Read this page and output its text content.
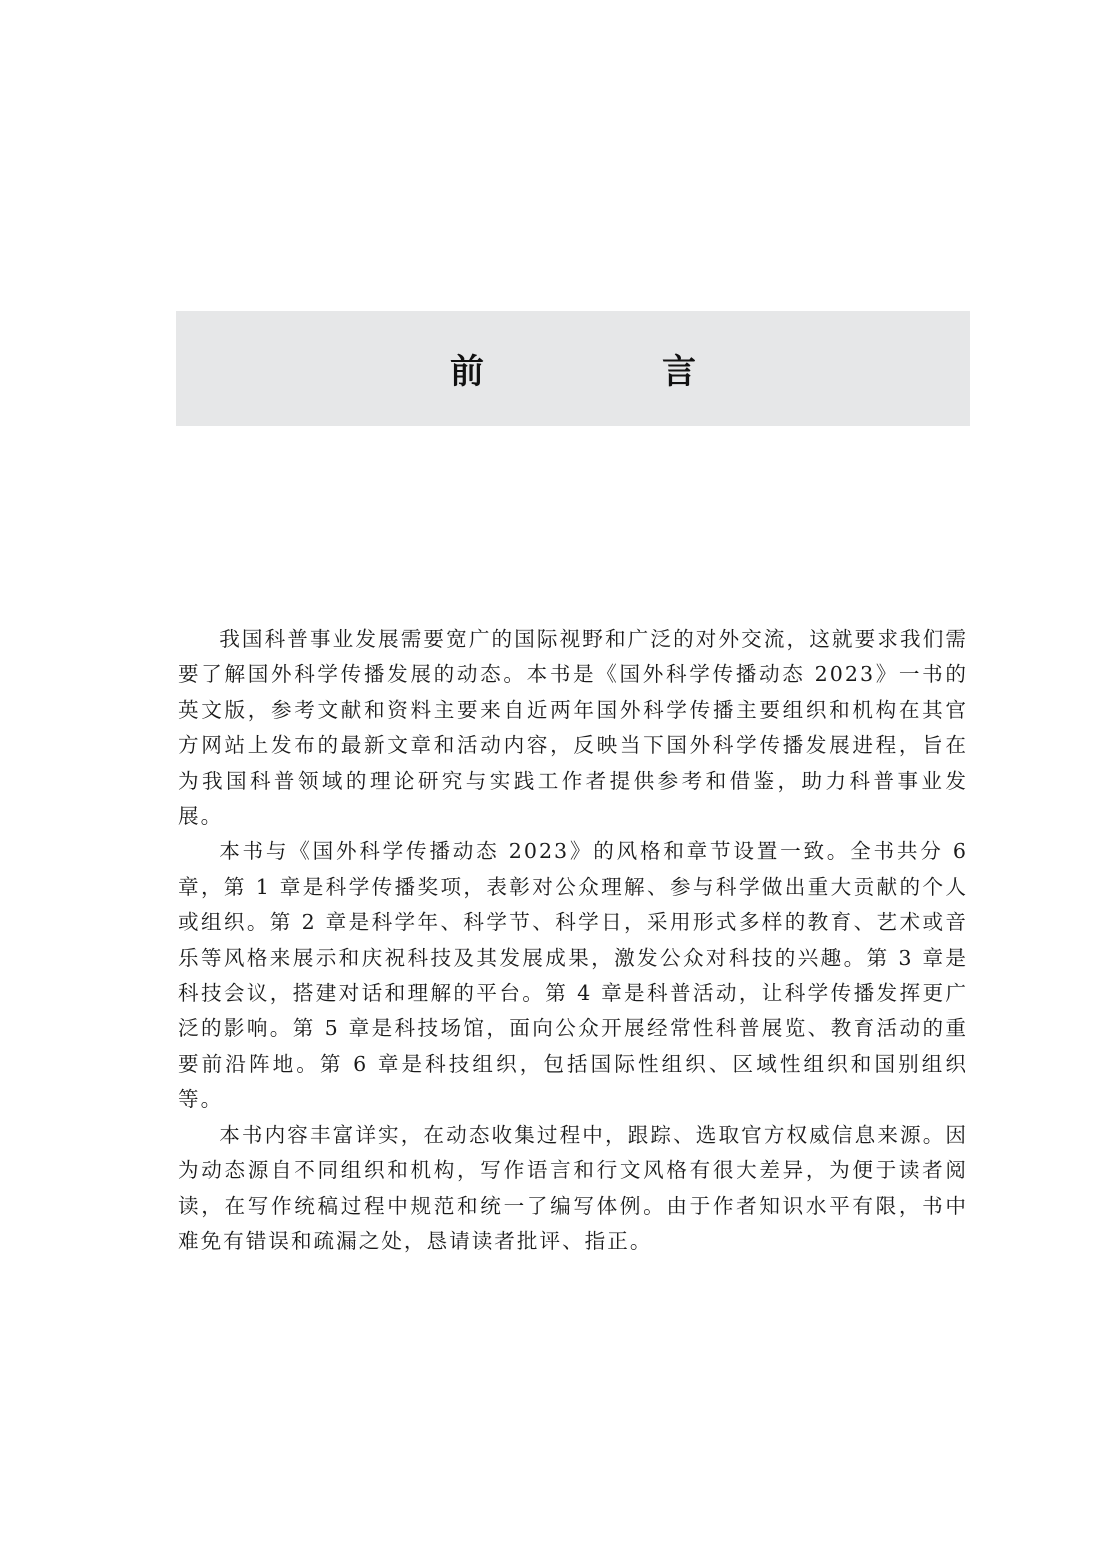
前　言

我国科普事业发展需要宽广的国际视野和广泛的对外交流，这就要求我们需要了解国外科学传播发展的动态。本书是《国外科学传播动态 2023》一书的英文版，参考文献和资料主要来自近两年国外科学传播主要组织和机构在其官方网站上发布的最新文章和活动内容，反映当下国外科学传播发展进程，旨在为我国科普领域的理论研究与实践工作者提供参考和借鉴，助力科普事业发展。

本书与《国外科学传播动态 2023》的风格和章节设置一致。全书共分 6 章，第 1 章是科学传播奖项，表彰对公众理解、参与科学做出重大贡献的个人或组织。第 2 章是科学年、科学节、科学日，采用形式多样的教育、艺术或音乐等风格来展示和庆祝科技及其发展成果，激发公众对科技的兴趣。第 3 章是科技会议，搭建对话和理解的平台。第 4 章是科普活动，让科学传播发挥更广泛的影响。第 5 章是科技场馆，面向公众开展经常性科普展览、教育活动的重要前沿阵地。第 6 章是科技组织，包括国际性组织、区域性组织和国别组织等。

本书内容丰富详实，在动态收集过程中，跟踪、选取官方权威信息来源。因为动态源自不同组织和机构，写作语言和行文风格有很大差异，为便于读者阅读，在写作统稿过程中规范和统一了编写体例。由于作者知识水平有限，书中难免有错误和疏漏之处，恳请读者批评、指正。
